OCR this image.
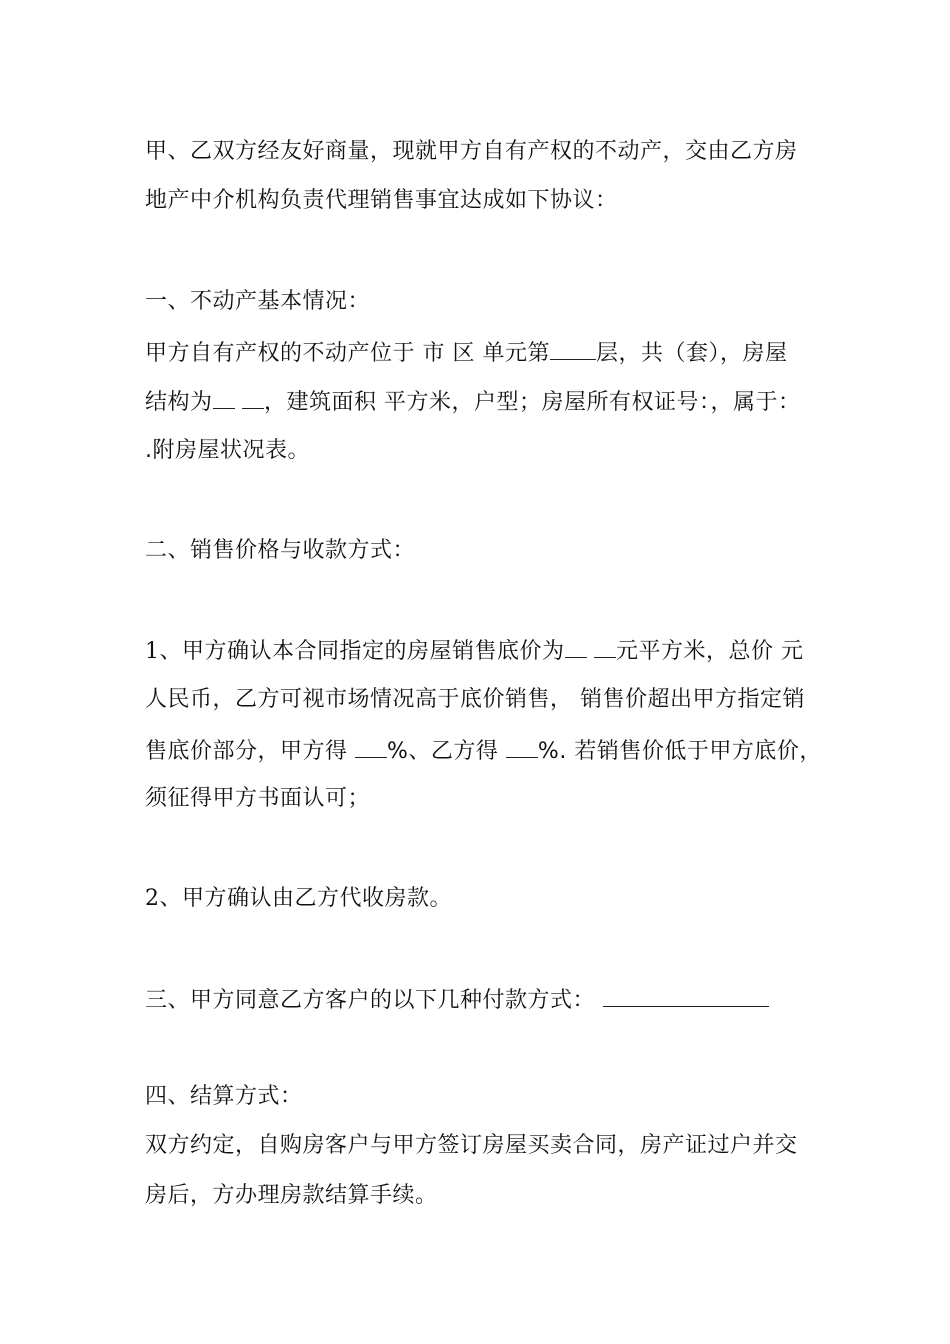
甲、乙双方经友好商量，现就甲方自有产权的不动产，交由乙方房
地产中介机构负责代理销售事宜达成如下协议：
一、不动产基本情况：
甲方自有产权的不动产位于 市 区 单元第 层，共（套），房屋
结构为 ，建筑面积 平方米，户型；房屋所有权证号：，属于：
.附房屋状况表。
二、销售价格与收款方式：
1、甲方确认本合同指定的房屋销售底价为 元平方米，总价 元
人民币，乙方可视市场情况高于底价销售， 销售价超出甲方指定销
售底价部分，甲方得 %、乙方得 %. 若销售价低于甲方底价，
须征得甲方书面认可；
2、甲方确认由乙方代收房款。
三、甲方同意乙方客户的以下几种付款方式：
四、结算方式：
双方约定，自购房客户与甲方签订房屋买卖合同，房产证过户并交
房后，方办理房款结算手续。
